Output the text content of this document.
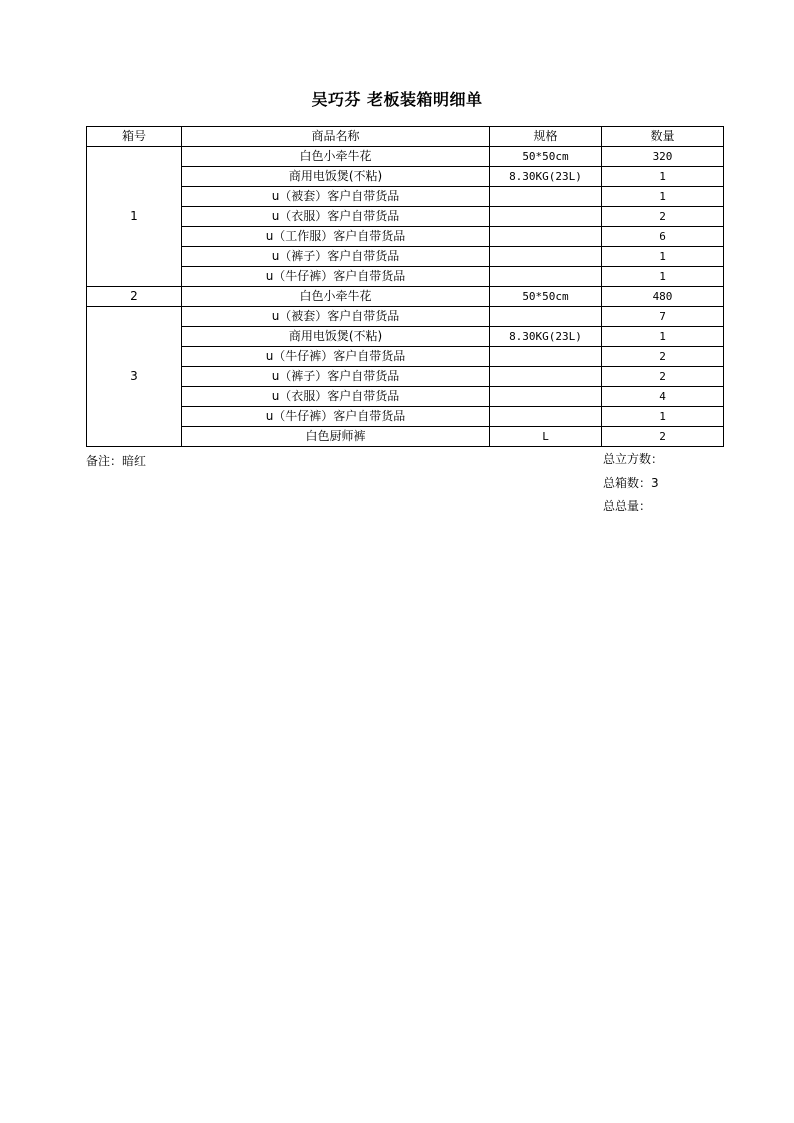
吴巧芬 老板装箱明细单
箱号	商品名称	规格	数量
1	白色小牵牛花	50*50cm	320
	商用电饭煲(不粘)	8.30KG(23L)	1
	u（被套）客户自带货品		1
	u（衣服）客户自带货品		2
	u（工作服）客户自带货品		6
	u（裤子）客户自带货品		1
	u（牛仔裤）客户自带货品		1
2	白色小牵牛花	50*50cm	480
3	u（被套）客户自带货品		7
	商用电饭煲(不粘)	8.30KG(23L)	1
	u（牛仔裤）客户自带货品		2
	u（裤子）客户自带货品		2
	u（衣服）客户自带货品		4
	u（牛仔裤）客户自带货品		1
	白色厨师裤	L	2
备注：暗红	总立方数：
总箱数：3
总总量：
